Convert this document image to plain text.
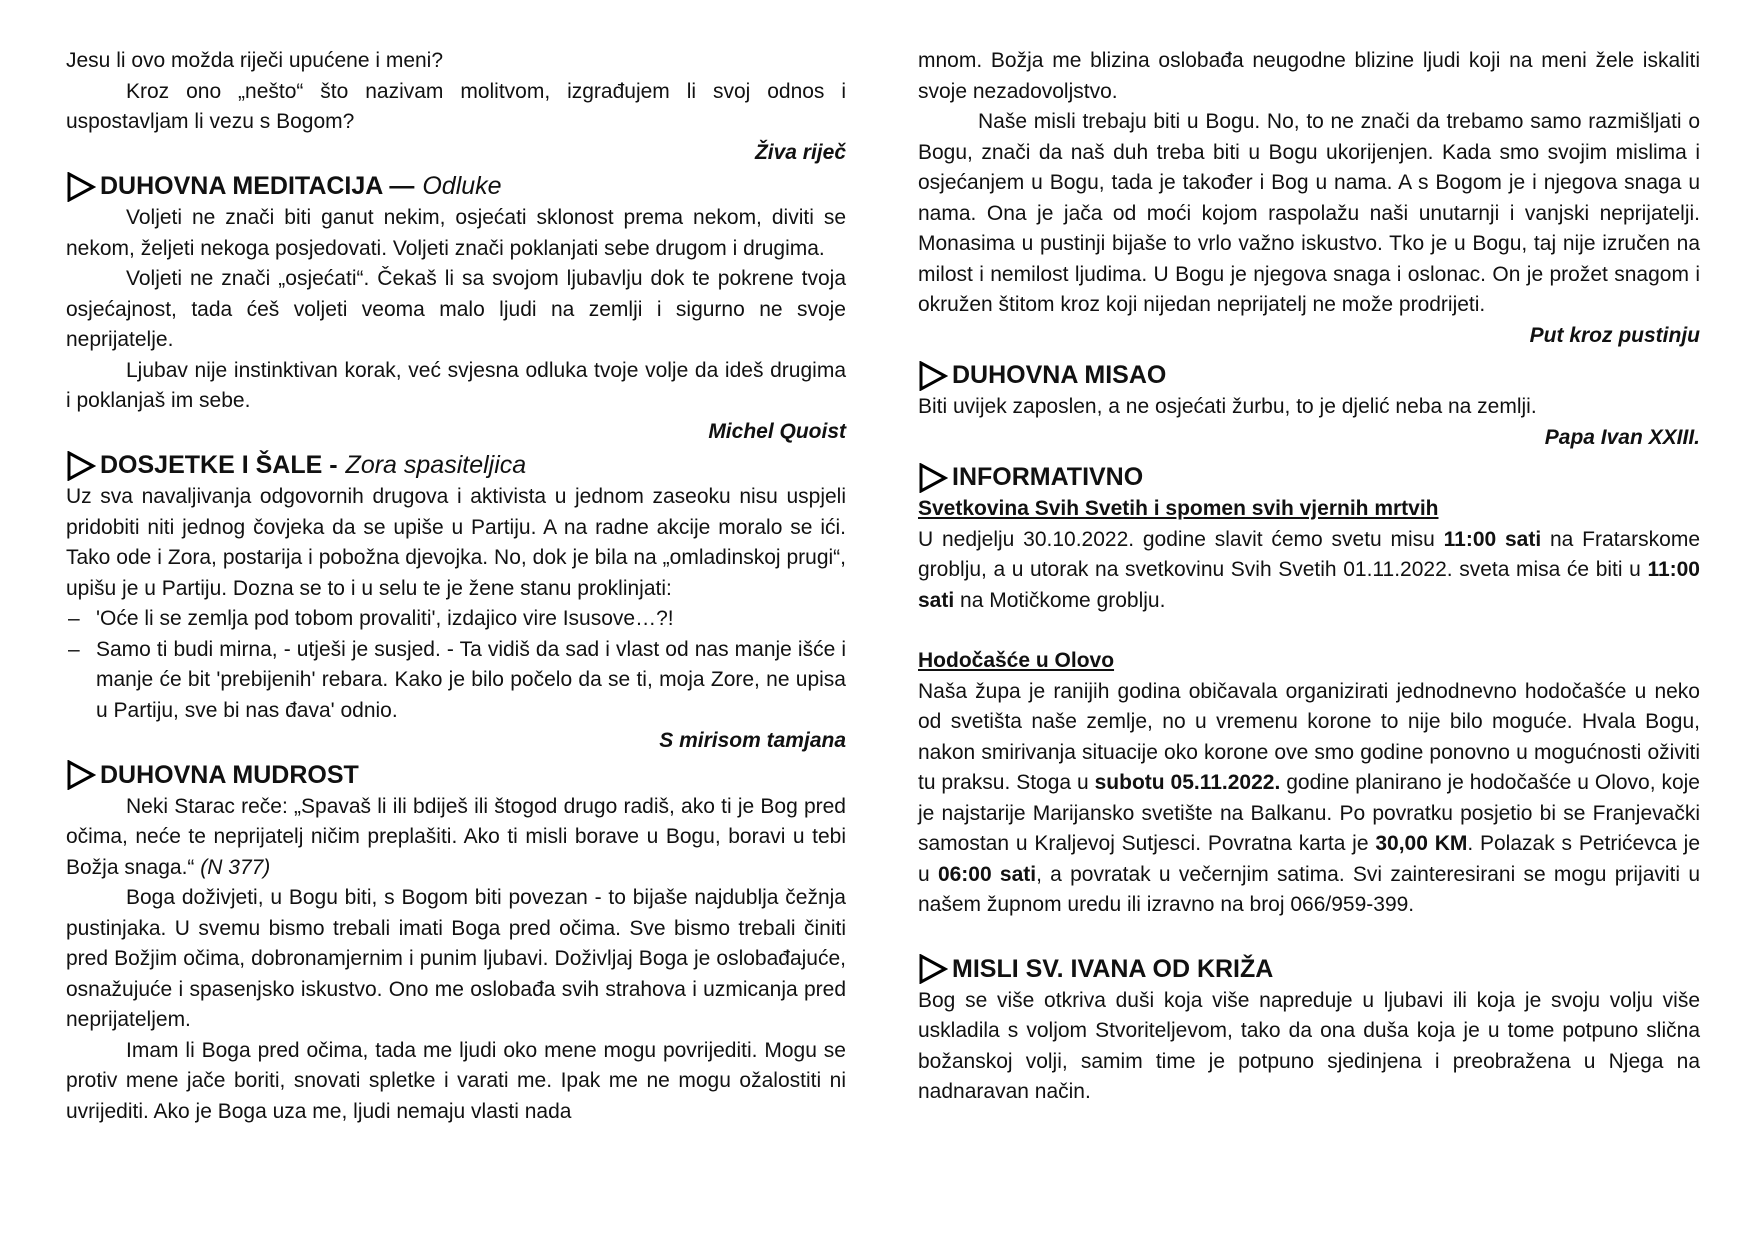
Jesu li ovo možda riječi upućene i meni?

Kroz ono „nešto“ što nazivam molitvom, izgrađujem li svoj odnos i uspostavljam li vezu s Bogom?

Živa riječ
DUHOVNA MEDITACIJA — Odluke

Voljeti ne znači biti ganut nekim, osjećati sklonost prema nekom, diviti se nekom, željeti nekoga posjedovati. Voljeti znači poklanjati sebe drugom i drugima.

Voljeti ne znači „osjećati“. Čekaš li sa svojom ljubavlju dok te pokrene tvoja osjećajnost, tada ćeš voljeti veoma malo ljudi na zemlji i sigurno ne svoje neprijatelje.

Ljubav nije instinktivan korak, već svjesna odluka tvoje volje da ideš drugima i poklanjaš im sebe.

Michel Quoist
DOSJETKE I ŠALE - Zora spasiteljica

Uz sva navaljivanja odgovornih drugova i aktivista u jednom zaseoku nisu uspjeli pridobiti niti jednog čovjeka da se upiše u Partiju. A na radne akcije moralo se ići. Tako ode i Zora, postarija i pobožna djevojka. No, dok je bila na „omladinskoj prugi“, upišu je u Partiju. Dozna se to i u selu te je žene stanu proklinjati:

– 'Oće li se zemlja pod tobom provaliti', izdajico vire Isusove…?!
– Samo ti budi mirna, - utješi je susjed. - Ta vidiš da sad i vlast od nas manje išće i manje će bit 'prebijenih' rebara. Kako je bilo počelo da se ti, moja Zore, ne upisa u Partiju, sve bi nas đava' odnio.
S mirisom tamjana
DUHOVNA MUDROST

Neki Starac reče: „Spavaš li ili bdiješ ili štogod drugo radiš, ako ti je Bog pred očima, neće te neprijatelj ničim preplašiti. Ako ti misli borave u Bogu, boravi u tebi Božja snaga.“ (N 377)

Boga doživjeti, u Bogu biti, s Bogom biti povezan - to bijaše najdublja čežnja pustinjaka. U svemu bismo trebali imati Boga pred očima. Sve bismo trebali činiti pred Božjim očima, dobronamjernim i punim ljubavi. Doživljaj Boga je oslobađajuće, osnažujuće i spasenjsko iskustvo. Ono me oslobađa svih strahova i uzmicanja pred neprijateljem.

Imam li Boga pred očima, tada me ljudi oko mene mogu povrijediti. Mogu se protiv mene jače boriti, snovati spletke i varati me. Ipak me ne mogu ožalostiti ni uvrijediti. Ako je Boga uza me, ljudi nemaju vlasti nada

mnom. Božja me blizina oslobađa neugodne blizine ljudi koji na meni žele iskaliti svoje nezadovoljstvo.

Naše misli trebaju biti u Bogu. No, to ne znači da trebamo samo razmišljati o Bogu, znači da naš duh treba biti u Bogu ukorijenjen. Kada smo svojim mislima i osjećanjem u Bogu, tada je također i Bog u nama. A s Bogom je i njegova snaga u nama. Ona je jača od moći kojom raspolažu naši unutarnji i vanjski neprijatelji. Monasima u pustinji bijaše to vrlo važno iskustvo. Tko je u Bogu, taj nije izručen na milost i nemilost ljudima. U Bogu je njegova snaga i oslonac. On je prožet snagom i okružen štitom kroz koji nijedan neprijatelj ne može prodrijeti.

Put kroz pustinju
DUHOVNA MISAO

Biti uvijek zaposlen, a ne osjećati žurbu, to je djelić neba na zemlji.

Papa Ivan XXIII.
INFORMATIVNO
Svetkovina Svih Svetih i spomen svih vjernih mrtvih

U nedjelju 30.10.2022. godine slavit ćemo svetu misu 11:00 sati na Fratarskome groblju, a u utorak na svetkovinu Svih Svetih 01.11.2022. sveta misa će biti u 11:00 sati na Motičkome groblju.

Hodočašće u Olovo

Naša župa je ranijih godina običavala organizirati jednodnevno hodočašće u neko od svetišta naše zemlje, no u vremenu korone to nije bilo moguće. Hvala Bogu, nakon smirivanja situacije oko korone ove smo godine ponovno u mogućnosti oživiti tu praksu. Stoga u subotu 05.11.2022. godine planirano je hodočašće u Olovo, koje je najstarije Marijansko svetište na Balkanu. Po povratku posjetio bi se Franjevački samostan u Kraljevoj Sutjesci. Povratna karta je 30,00 KM. Polazak s Petrićevca je u 06:00 sati, a povratak u večernjim satima. Svi zainteresirani se mogu prijaviti u našem župnom uredu ili izravno na broj 066/959-399.

MISLI SV. IVANA OD KRIŽA

Bog se više otkriva duši koja više napreduje u ljubavi ili koja je svoju volju više uskladila s voljom Stvoriteljevom, tako da ona duša koja je u tome potpuno slična božanskoj volji, samim time je potpuno sjedinjena i preobražena u Njega na nadnaravan način.
